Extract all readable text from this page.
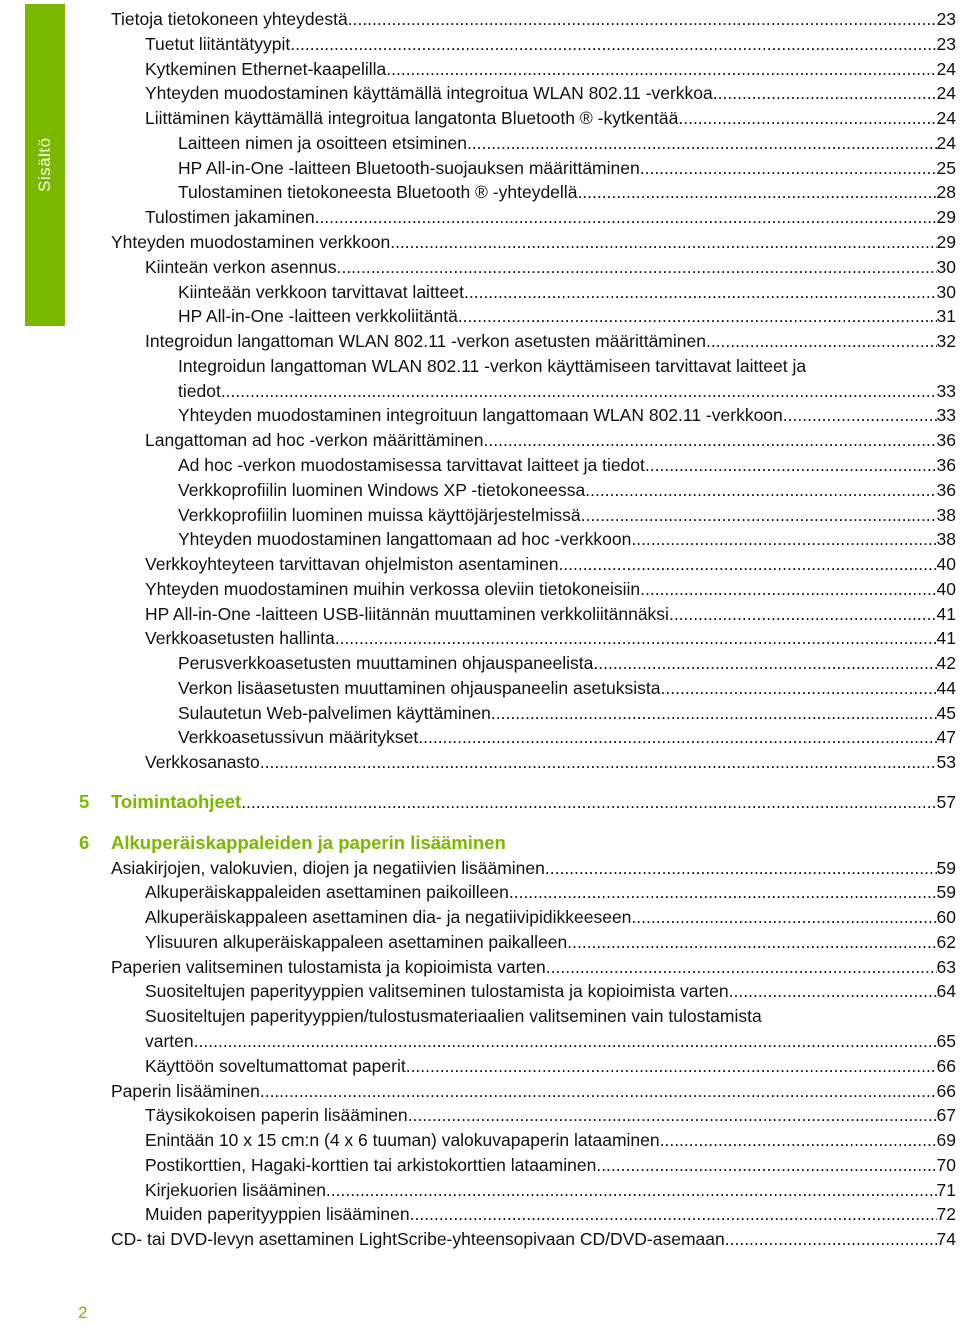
Sisältö
Tietoja tietokoneen yhteydestä .....	23
Tuetut liitäntätyypit .....	23
Kytkeminen Ethernet-kaapelilla .....	24
Yhteyden muodostaminen käyttämällä integroitua WLAN 802.11 -verkkoa .....	24
Liittäminen käyttämällä integroitua langatonta Bluetooth ® -kytkentää .....	24
Laitteen nimen ja osoitteen etsiminen .....	24
HP All-in-One -laitteen Bluetooth-suojauksen määrittäminen .....	25
Tulostaminen tietokoneesta Bluetooth ® -yhteydellä .....	28
Tulostimen jakaminen .....	29
Yhteyden muodostaminen verkkoon .....	29
Kiinteän verkon asennus .....	30
Kiinteään verkkoon tarvittavat laitteet .....	30
HP All-in-One -laitteen verkkoliitäntä .....	31
Integroidun langattoman WLAN 802.11 -verkon asetusten määrittäminen .....	32
Integroidun langattoman WLAN 802.11 -verkon käyttämiseen tarvittavat laitteet ja
tiedot .....	33
Yhteyden muodostaminen integroituun langattomaan WLAN 802.11 -verkkoon .....	33
Langattoman ad hoc -verkon määrittäminen .....	36
Ad hoc -verkon muodostamisessa tarvittavat laitteet ja tiedot .....	36
Verkkoprofiilin luominen Windows XP -tietokoneessa .....	36
Verkkoprofiilin luominen muissa käyttöjärjestelmissä .....	38
Yhteyden muodostaminen langattomaan ad hoc -verkkoon .....	38
Verkkoyhteyteen tarvittavan ohjelmiston asentaminen .....	40
Yhteyden muodostaminen muihin verkossa oleviin tietokoneisiin .....	40
HP All-in-One -laitteen USB-liitännän muuttaminen verkkoliitännäksi .....	41
Verkkoasetusten hallinta .....	41
Perusverkkoasetusten muuttaminen ohjauspaneelista .....	42
Verkon lisäasetusten muuttaminen ohjauspaneelin asetuksista .....	44
Sulautetun Web-palvelimen käyttäminen .....	45
Verkkoasetussivun määritykset .....	47
Verkkosanasto .....	53
5 Toimintaohjeet .....	57
6 Alkuperäiskappaleiden ja paperin lisääminen
Asiakirjojen, valokuvien, diojen ja negatiivien lisääminen .....	59
Alkuperäiskappaleiden asettaminen paikoilleen .....	59
Alkuperäiskappaleen asettaminen dia- ja negatiivipidikkeeseen .....	60
Ylisuuren alkuperäiskappaleen asettaminen paikalleen .....	62
Paperien valitseminen tulostamista ja kopioimista varten .....	63
Suositeltujen paperityyppien valitseminen tulostamista ja kopioimista varten .....	64
Suositeltujen paperityyppien/tulostusmateriaalien valitseminen vain tulostamista
varten .....	65
Käyttöön soveltumattomat paperit .....	66
Paperin lisääminen .....	66
Täysikokoisen paperin lisääminen .....	67
Enintään 10 x 15 cm:n (4 x 6 tuuman) valokuvapaperin lataaminen .....	69
Postikorttien, Hagaki-korttien tai arkistokorttien lataaminen .....	70
Kirjekuorien lisääminen .....	71
Muiden paperityyppien lisääminen .....	72
CD- tai DVD-levyn asettaminen LightScribe-yhteensopivaan CD/DVD-asemaan .....	74
2
